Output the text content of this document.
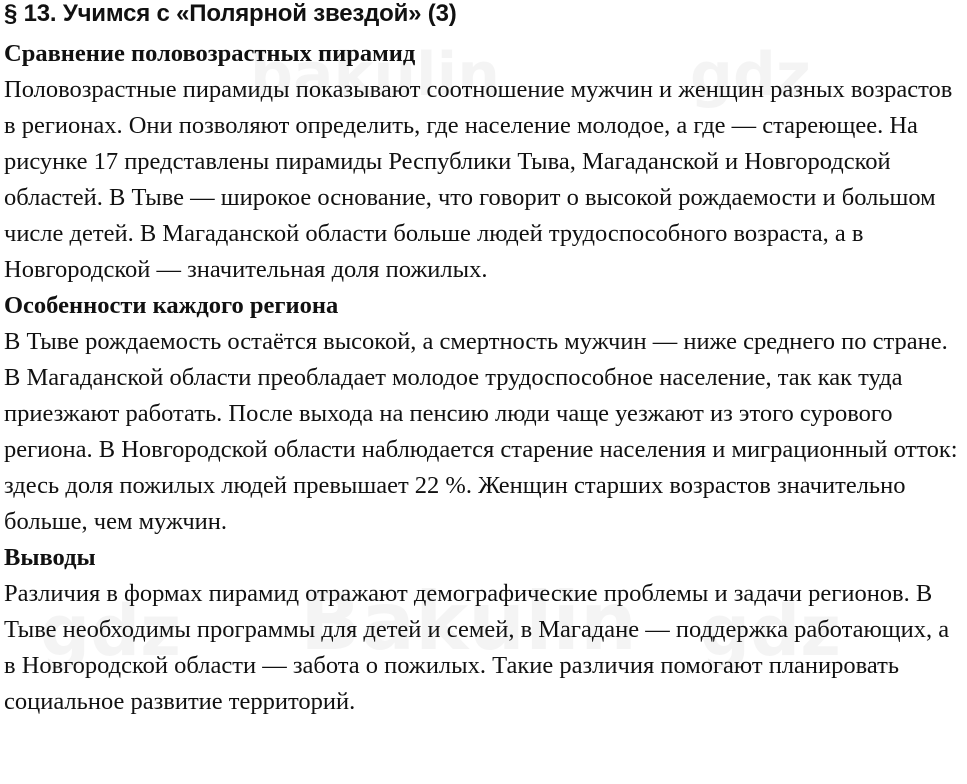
§ 13. Учимся с «Полярной звездой» (3)
Сравнение половозрастных пирамид

Половозрастные пирамиды показывают соотношение мужчин и женщин разных возрастов в регионах. Они позволяют определить, где население молодое, а где — стареющее. На рисунке 17 представлены пирамиды Республики Тыва, Магаданской и Новгородской областей. В Тыве — широкое основание, что говорит о высокой рождаемости и большом числе детей. В Магаданской области больше людей трудоспособного возраста, а в Новгородской — значительная доля пожилых.

Особенности каждого региона

В Тыве рождаемость остаётся высокой, а смертность мужчин — ниже среднего по стране. В Магаданской области преобладает молодое трудоспособное население, так как туда приезжают работать. После выхода на пенсию люди чаще уезжают из этого сурового региона. В Новгородской области наблюдается старение населения и миграционный отток: здесь доля пожилых людей превышает 22 %. Женщин старших возрастов значительно больше, чем мужчин.

Выводы

Различия в формах пирамид отражают демографические проблемы и задачи регионов. В Тыве необходимы программы для детей и семей, в Магадане — поддержка работающих, а в Новгородской области — забота о пожилых. Такие различия помогают планировать социальное развитие территорий.
